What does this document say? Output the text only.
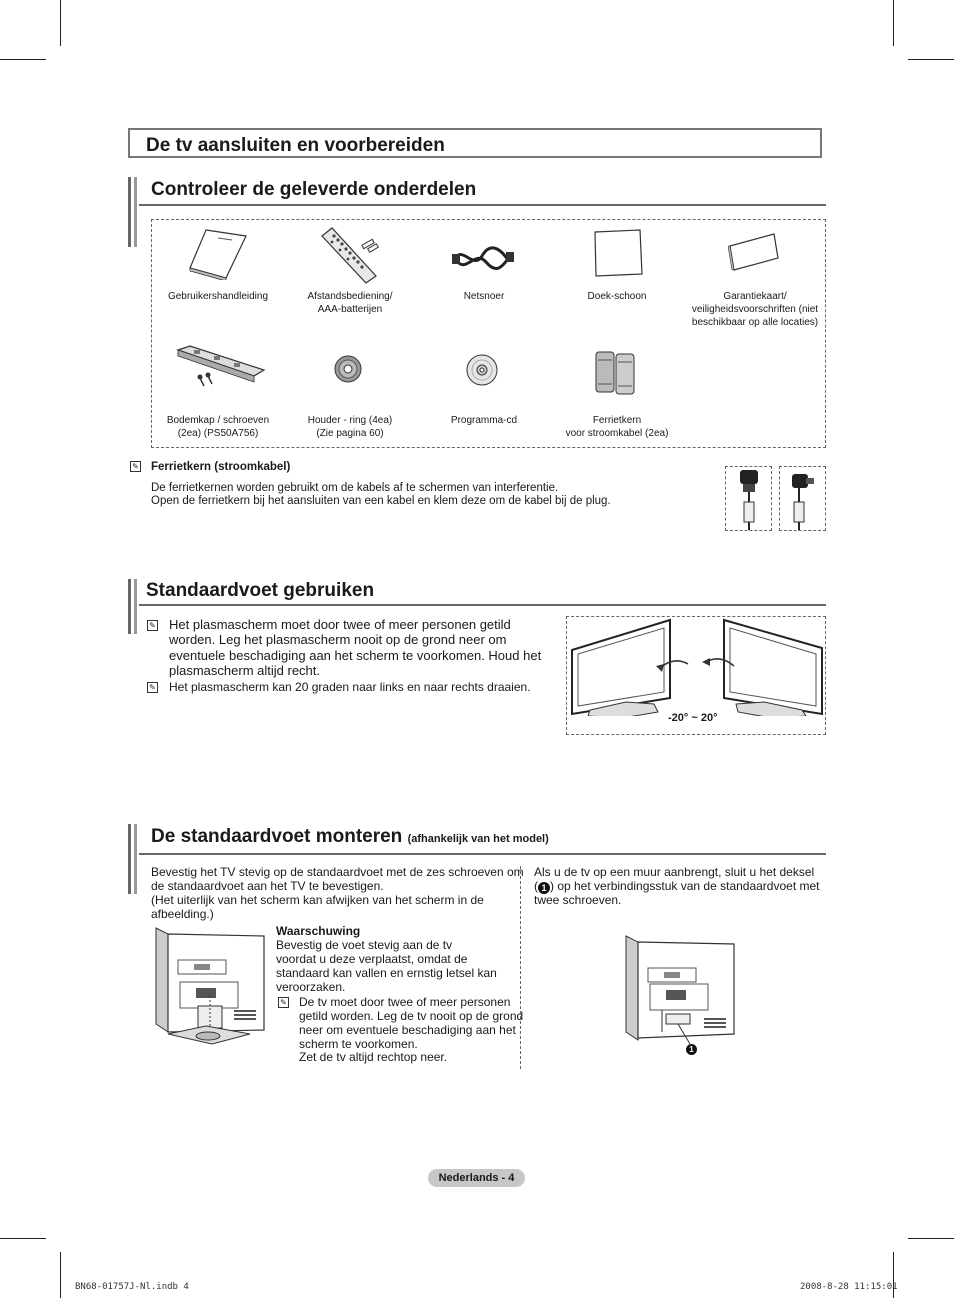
De tv aansluiten en voorbereiden
Controleer de geleverde onderdelen
Gebruikershandleiding	Afstandsbediening/
AAA-batterijen
Netsnoer	Doek-schoon	Garantiekaart/
veiligheidsvoorschriften (niet
beschikbaar op alle locaties)
Bodemkap / schroeven
(2ea) (PS50A756)
Houder - ring (4ea)
(Zie pagina 60)
Programma-cd	Ferrietkern
voor stroomkabel (2ea)
✎ Ferrietkern (stroomkabel)
De ferrietkernen worden gebruikt om de kabels af te schermen van interferentie.
Open de ferrietkern bij het aansluiten van een kabel en klem deze om de kabel bij de plug.
Standaardvoet gebruiken
✎ Het plasmascherm moet door twee of meer personen getild
worden. Leg het plasmascherm nooit op de grond neer om
eventuele beschadiging aan het scherm te voorkomen. Houd het
plasmascherm altijd recht.
✎ Het plasmascherm kan 20 graden naar links en naar rechts draaien.
-20° ~ 20°
De standaardvoet monteren (afhankelijk van het model)
Bevestig het TV stevig op de standaardvoet met de zes schroeven om
de standaardvoet aan het TV te bevestigen.
(Het uiterlijk van het scherm kan afwijken van het scherm in de
afbeelding.)
Waarschuwing
Bevestig de voet stevig aan de tv
voordat u deze verplaatst, omdat de
standaard kan vallen en ernstig letsel kan
veroorzaken.
✎ De tv moet door twee of meer personen
getild worden. Leg de tv nooit op de grond
neer om eventuele beschadiging aan het
scherm te voorkomen.
Zet de tv altijd rechtop neer.
Als u de tv op een muur aanbrengt, sluit u het deksel
( 1 ) op het verbindingsstuk van de standaardvoet met
twee schroeven.
1
Nederlands - 4
BN68-01757J-Nl.indb 4	2008-8-28 11:15:01
